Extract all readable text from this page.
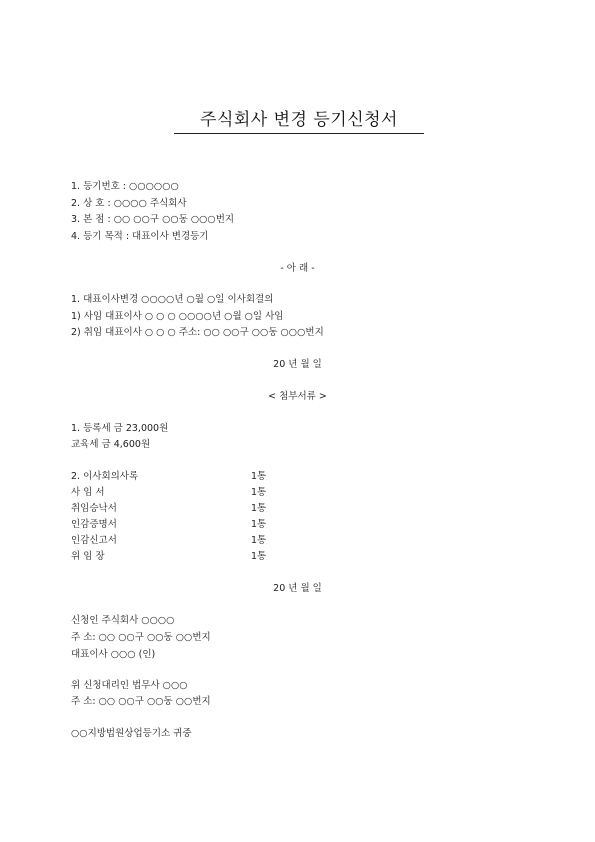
주식회사 변경 등기신청서
1. 등기번호 : ○○○○○○
2. 상 호 : ○○○○ 주식회사
3. 본 점 : ○○ ○○구 ○○동 ○○○번지
4. 등기 목적 : 대표이사 변경등기
- 아 래 -
1. 대표이사변경 ○○○○년 ○월 ○일 이사회결의
1) 사임 대표이사 ○ ○ ○ ○○○○년 ○월 ○일 사임
2) 취임 대표이사 ○ ○ ○ 주소: ○○ ○○구 ○○동 ○○○번지
20 년 월 일
< 첨부서류 >
1. 등록세 금 23,000원
교육세 금 4,600원
2. 이사회의사록	1통
사 임 서	1통
취임승낙서	1통
인감증명서	1통
인감신고서	1통
위 임 장	1통
20 년 월 일
신청인 주식회사 ○○○○
주 소: ○○ ○○구 ○○동 ○○번지
대표이사 ○○○ (인)
위 신청대리인 법무사 ○○○
주 소: ○○ ○○구 ○○동 ○○번지
○○지방법원상업등기소 귀중
